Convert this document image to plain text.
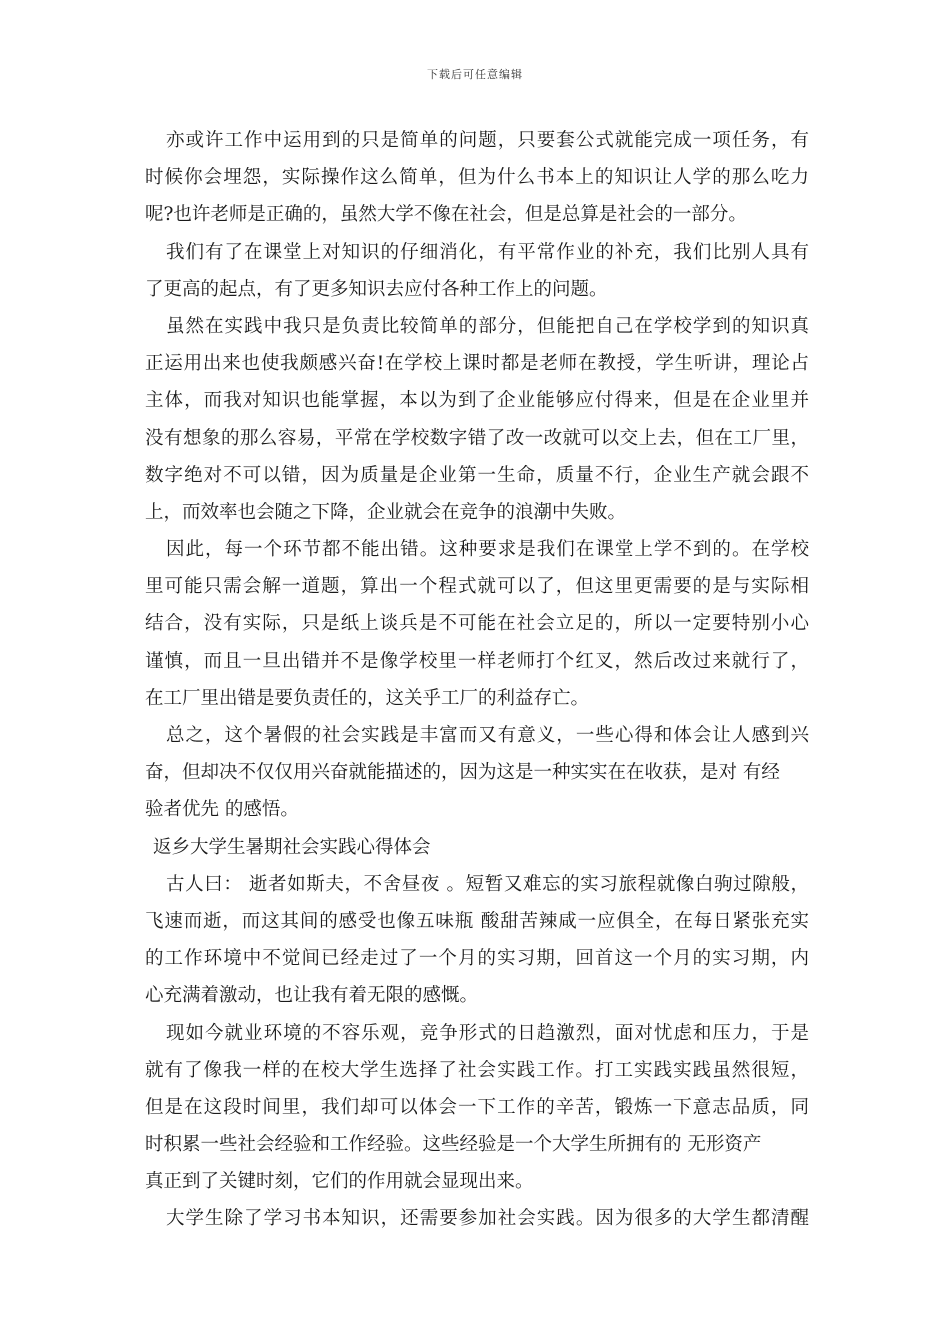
下载后可任意编辑
亦或许工作中运用到的只是简单的问题，只要套公式就能完成一项任务，有
时候你会埋怨，实际操作这么简单，但为什么书本上的知识让人学的那么吃力
呢?也许老师是正确的，虽然大学不像在社会，但是总算是社会的一部分。
我们有了在课堂上对知识的仔细消化，有平常作业的补充，我们比别人具有
了更高的起点，有了更多知识去应付各种工作上的问题。
虽然在实践中我只是负责比较简单的部分，但能把自己在学校学到的知识真
正运用出来也使我颇感兴奋!在学校上课时都是老师在教授，学生听讲，理论占
主体，而我对知识也能掌握，本以为到了企业能够应付得来，但是在企业里并
没有想象的那么容易，平常在学校数字错了改一改就可以交上去，但在工厂里，
数字绝对不可以错，因为质量是企业第一生命，质量不行，企业生产就会跟不
上，而效率也会随之下降，企业就会在竞争的浪潮中失败。
因此，每一个环节都不能出错。这种要求是我们在课堂上学不到的。在学校
里可能只需会解一道题，算出一个程式就可以了，但这里更需要的是与实际相
结合，没有实际，只是纸上谈兵是不可能在社会立足的，所以一定要特别小心
谨慎，而且一旦出错并不是像学校里一样老师打个红叉，然后改过来就行了，
在工厂里出错是要负责任的，这关乎工厂的利益存亡。
总之，这个暑假的社会实践是丰富而又有意义，一些心得和体会让人感到兴
奋，但却决不仅仅用兴奋就能描述的，因为这是一种实实在在收获，是对 有经
验者优先 的感悟。
返乡大学生暑期社会实践心得体会
古人曰： 逝者如斯夫，不舍昼夜 。短暂又难忘的实习旅程就像白驹过隙般，
飞速而逝，而这其间的感受也像五味瓶 酸甜苦辣咸一应俱全，在每日紧张充实
的工作环境中不觉间已经走过了一个月的实习期，回首这一个月的实习期，内
心充满着激动，也让我有着无限的感慨。
现如今就业环境的不容乐观，竞争形式的日趋激烈，面对忧虑和压力，于是
就有了像我一样的在校大学生选择了社会实践工作。打工实践实践虽然很短，
但是在这段时间里，我们却可以体会一下工作的辛苦，锻炼一下意志品质，同
时积累一些社会经验和工作经验。这些经验是一个大学生所拥有的 无形资产
真正到了关键时刻，它们的作用就会显现出来。
大学生除了学习书本知识，还需要参加社会实践。因为很多的大学生都清醒
